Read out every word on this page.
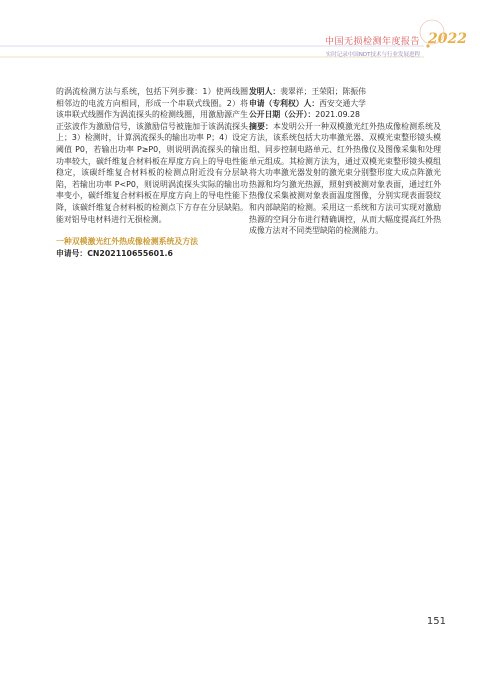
中国无损检测年度报告 2022
实时记录中国NDT技术与行业发展进程

的涡流检测方法与系统，包括下列步骤：1）使两线圈相邻边的电流方向相同，形成一个串联式线圈。2）将该串联式线圈作为涡流探头的检测线圈，用激励源产生正弦波作为激励信号，该激励信号被施加于该涡流探头上；3）检测时，计算涡流探头的输出功率 P；4）设定阈值 P0，若输出功率 P≥P0，则说明涡流探头的输出功率较大，碳纤维复合材料板在厚度方向上的导电性能稳定，该碳纤维复合材料板的检测点附近没有分层缺陷，若输出功率 P<P0，则说明涡流探头实际的输出功率变小，碳纤维复合材料板在厚度方向上的导电性能下降，该碳纤维复合材料板的检测点下方存在分层缺陷。能对铝导电材料进行无损检测。

一种双模激光红外热成像检测系统及方法

申请号：CN202110655601.6

发明人：裴翠祥；王荣阳；陈振伟

申请（专利权）人：西安交通大学

公开日期（公开）：2021.09.28

摘要：本发明公开一种双模激光红外热成像检测系统及方法，该系统包括大功率激光器、双模光束整形镜头模组、同步控制电路单元、红外热像仪及图像采集和处理单元组成。其检测方法为，通过双模光束整形镜头模组将大功率激光器发射的激光束分别整形度大成点阵激光热源和均匀激光热源，照射到被测对象表面，通过红外热像仪采集被测对象表面温度图像，分别实现表面裂纹和内部缺陷的检测。采用这一系统和方法可实现对激励热源的空间分布进行精确调控，从而大幅度提高红外热成像方法对不同类型缺陷的检测能力。

151
